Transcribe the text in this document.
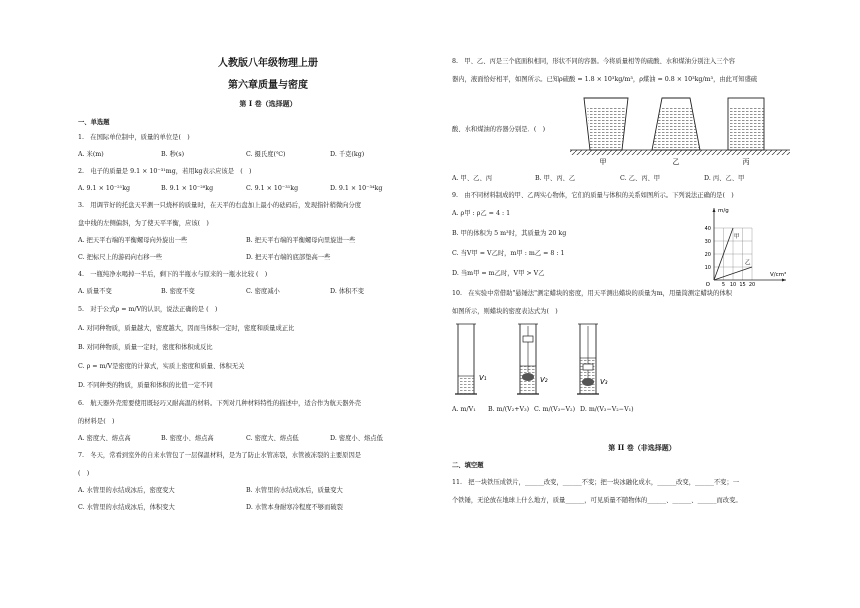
人教版八年级物理上册
第六章质量与密度
第 I 卷（选择题）
一、单选题
1.　在国际单位制中，质量的单位是(　)
A. 米(m)	B. 秒(s)	C. 摄氏度(℃)	D. 千克(kg)
2.　电子的质量是 9.1 × 10⁻³¹mg，若用kg表示应该是　(　)
A. 9.1 × 10⁻²¹kg	B. 9.1 × 10⁻²⁸kg	C. 9.1 × 10⁻³¹kg	D. 9.1 × 10⁻³⁴kg
3.　用调节好的托盘天平测一只烧杯的质量时，在天平的右盘加上最小的砝码后，发现指针稍微向分度
盘中线的左侧偏斜，为了使天平平衡，应该(　)
A. 把天平右端的平衡螺母向外旋出一些	B. 把天平右端的平衡螺母向里旋进一些
C. 把标尺上的游码向右移一些	D. 把天平右端的底部垫高一些
4.　一瓶纯净水喝掉一半后，剩下的半瓶水与原来的一瓶水比较 (　)
A. 质量不变	B. 密度不变	C. 密度减小	D. 体积不变
5.　对于公式ρ = m/V的认识，说法正确的是 (　)
A. 对同种物质，质量越大，密度越大，因而当体积一定时，密度和质量成正比
B. 对同种物质，质量一定时，密度和体积成反比
C. ρ = m/V是密度的计算式，实质上密度和质量、体积无关
D. 不同种类的物质，质量和体积的比值一定不同
6.　航天器外壳需要使用既轻巧又耐高温的材料。下列对几种材料特性的描述中，适合作为航天器外壳
的材料是(　)
A. 密度大、熔点高	B. 密度小、熔点高	C. 密度大、熔点低	D. 密度小、熔点低
7.　冬天，常看到室外的自来水管包了一层保温材料，是为了防止水管冻裂，水管被冻裂的主要原因是
(　)
A. 水管里的水结成冰后，密度变大	B. 水管里的水结成冰后，质量变大
C. 水管里的水结成冰后，体积变大	D. 水管本身耐寒冷程度不够而破裂
8.　甲、乙、丙是三个底面积相同，形状不同的容器。今将质量相等的硫酸、水和煤油分别注入三个容
器内，液面恰好相平，如图所示。已知ρ硫酸 = 1.8 × 10³kg/m³，ρ煤油 = 0.8 × 10³kg/m³，由此可知盛硫
酸、水和煤油的容器分别是．(　)
甲	乙	丙
A. 甲、乙、丙	B. 甲、丙、乙	C. 乙、丙、甲	D. 丙、乙、甲
9.　由不同材料制成的甲、乙两实心物体，它们的质量与体积的关系如图所示。下列说法正确的是(　)
A. ρ甲 : ρ乙 = 4 : 1
B. 甲的体积为 5 m³时，其质量为 20 kg
C. 当V甲 = V乙时，m甲 : m乙 = 8 : 1
D. 当m甲 = m乙时，V甲 > V乙
甲
乙
40
30
20
10
5 10 15 20
O
m/g
V/cm³
10.　在实验中常借助"悬锤法"测定蜡块的密度，用天平测出蜡块的质量为m，用量筒测定蜡块的体积
如图所示，则蜡块的密度表达式为(　)
V₁	V₂	V₃
A. m/V₁ B. m/(V₂+V₃) C. m/(V₃−V₂) D. m/(V₃−V₂−V₁)
第 II 卷（非选择题）
二、填空题
11.　把一块铁压成铁片，______改变，______不变；把一块冰融化成水，______改变，______不变；一
个铁锤，无论放在地球上什么地方，质量______，可见质量不随物体的______、______、______而改变。
